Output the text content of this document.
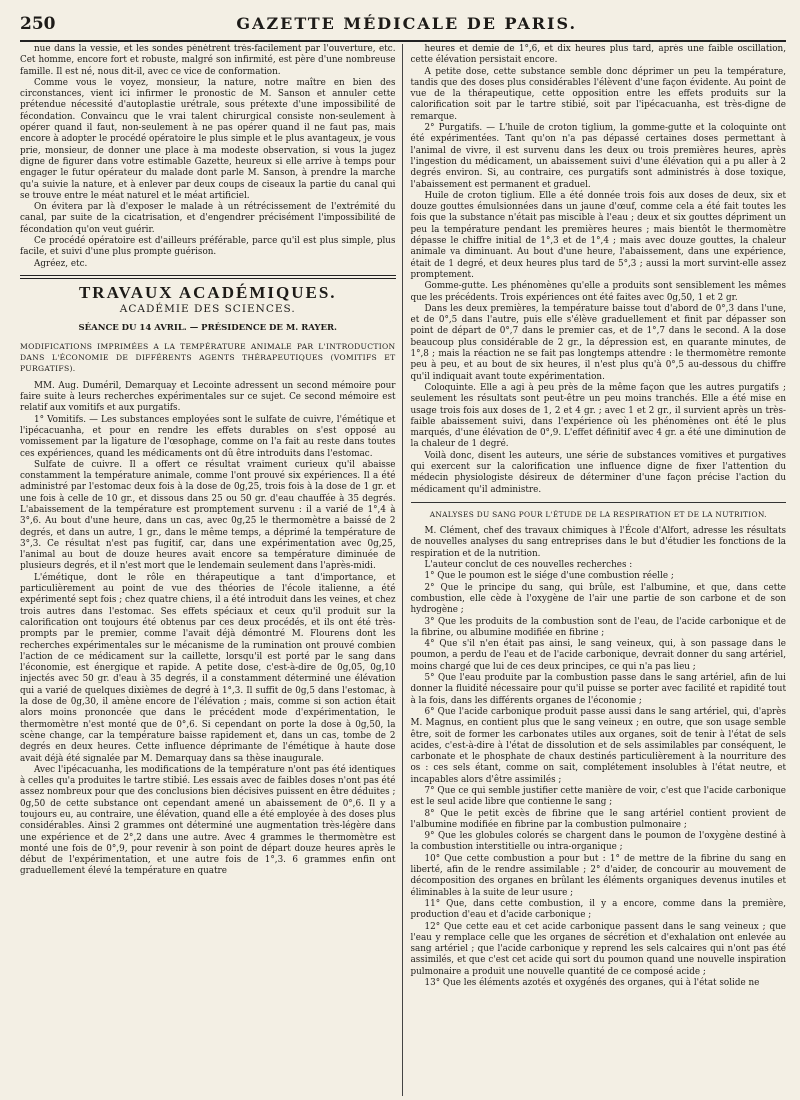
250	GAZETTE MÉDICALE DE PARIS.

nue dans la vessie, et les sondes pénètrent très-facilement par l'ouverture, etc. Cet homme, encore fort et robuste, malgré son infirmité, est père d'une nombreuse famille. Il est né, nous dit-il, avec ce vice de conformation.

Comme vous le voyez, monsieur, la nature, notre maître en bien des circonstances, vient ici infirmer le pronostic de M. Sanson et annuler cette prétendue nécessité d'autoplastie urétrale, sous prétexte d'une impossibilité de fécondation. Convaincu que le vrai talent chirurgical consiste non-seulement à opérer quand il faut, non-seulement à ne pas opérer quand il ne faut pas, mais encore à adopter le procédé opératoire le plus simple et le plus avantageux, je vous prie, monsieur, de donner une place à ma modeste observation, si vous la jugez digne de figurer dans votre estimable Gazette, heureux si elle arrive à temps pour engager le futur opérateur du malade dont parle M. Sanson, à prendre la marche qu'a suivie la nature, et à enlever par deux coups de ciseaux la partie du canal qui se trouve entre le méat naturel et le méat artificiel.

On évitera par là d'exposer le malade à un rétrécissement de l'extrémité du canal, par suite de la cicatrisation, et d'engendrer précisément l'impossibilité de fécondation qu'on veut guérir.

Ce procédé opératoire est d'ailleurs préférable, parce qu'il est plus simple, plus facile, et suivi d'une plus prompte guérison.

Agréez, etc.

TRAVAUX ACADÉMIQUES.
ACADÉMIE DES SCIENCES.
SÉANCE DU 14 AVRIL. — PRÉSIDENCE DE M. RAYER.

MODIFICATIONS IMPRIMÉES A LA TEMPÉRATURE ANIMALE PAR L'INTRODUCTION DANS L'ÉCONOMIE DE DIFFÉRENTS AGENTS THÉRAPEUTIQUES (VOMITIFS ET PURGATIFS).

MM. Aug. Duméril, Demarquay et Lecointe adressent un second mémoire pour faire suite à leurs recherches expérimentales sur ce sujet. Ce second mémoire est relatif aux vomitifs et aux purgatifs.

1° Vomitifs. — Les substances employées sont le sulfate de cuivre, l'émétique et l'ipécacuanha, et pour en rendre les effets durables on s'est opposé au vomissement par la ligature de l'œsophage, comme on l'a fait au reste dans toutes ces expériences, quand les médicaments ont dû être introduits dans l'estomac.

Sulfate de cuivre. Il a offert ce résultat vraiment curieux qu'il abaisse constamment la température animale, comme l'ont prouvé six expériences. Il a été administré par l'estomac deux fois à la dose de 0g,25, trois fois à la dose de 1 gr. et une fois à celle de 10 gr., et dissous dans 25 ou 50 gr. d'eau chauffée à 35 degrés. L'abaissement de la température est promptement survenu : il a varié de 1°,4 à 3°,6. Au bout d'une heure, dans un cas, avec 0g,25 le thermomètre a baissé de 2 degrés, et dans un autre, 1 gr., dans le même temps, a déprimé la température de 3°,3. Ce résultat n'est pas fugitif, car, dans une expérimentation avec 0g,25, l'animal au bout de douze heures avait encore sa température diminuée de plusieurs degrés, et il n'est mort que le lendemain seulement dans l'après-midi.

L'émétique, dont le rôle en thérapeutique a tant d'importance, et particulièrement au point de vue des théories de l'école italienne, a été expérimenté sept fois ; chez quatre chiens, il a été introduit dans les veines, et chez trois autres dans l'estomac. Ses effets spéciaux et ceux qu'il produit sur la calorification ont toujours été obtenus par ces deux procédés, et ils ont été très-prompts par le premier, comme l'avait déjà démontré M. Flourens dont les recherches expérimentales sur le mécanisme de la rumination ont prouvé combien l'action de ce médicament sur la caillette, lorsqu'il est porté par le sang dans l'économie, est énergique et rapide. A petite dose, c'est-à-dire de 0g,05, 0g,10 injectés avec 50 gr. d'eau à 35 degrés, il a constamment déterminé une élévation qui a varié de quelques dixièmes de degré à 1°,3. Il suffit de 0g,5 dans l'estomac, à la dose de 0g,30, il amène encore de l'élévation ; mais, comme si son action était alors moins prononcée que dans le précédent mode d'expérimentation, le thermomètre n'est monté que de 0°,6. Si cependant on porte la dose à 0g,50, la scène change, car la température baisse rapidement et, dans un cas, tombe de 2 degrés en deux heures. Cette influence déprimante de l'émétique à haute dose avait déjà été signalée par M. Demarquay dans sa thèse inaugurale.

Avec l'ipécacuanha, les modifications de la température n'ont pas été identiques à celles qu'a produites le tartre stibié. Les essais avec de faibles doses n'ont pas été assez nombreux pour que des conclusions bien décisives puissent en être déduites ; 0g,50 de cette substance ont cependant amené un abaissement de 0°,6. Il y a toujours eu, au contraire, une élévation, quand elle a été employée à des doses plus considérables. Ainsi 2 grammes ont déterminé une augmentation très-légère dans une expérience et de 2°,2 dans une autre. Avec 4 grammes le thermomètre est monté une fois de 0°,9, pour revenir à son point de départ douze heures après le début de l'expérimentation, et une autre fois de 1°,3. 6 grammes enfin ont graduellement élevé la température en quatre

heures et demie de 1°,6, et dix heures plus tard, après une faible oscillation, cette élévation persistait encore.

A petite dose, cette substance semble donc déprimer un peu la température, tandis que des doses plus considérables l'élèvent d'une façon évidente. Au point de vue de la thérapeutique, cette opposition entre les effets produits sur la calorification soit par le tartre stibié, soit par l'ipécacuanha, est très-digne de remarque.

2° Purgatifs. — L'huile de croton tiglium, la gomme-gutte et la coloquinte ont été expérimentées. Tant qu'on n'a pas dépassé certaines doses permettant à l'animal de vivre, il est survenu dans les deux ou trois premières heures, après l'ingestion du médicament, un abaissement suivi d'une élévation qui a pu aller à 2 degrés environ. Si, au contraire, ces purgatifs sont administrés à dose toxique, l'abaissement est permanent et graduel.

Huile de croton tiglium. Elle a été donnée trois fois aux doses de deux, six et douze gouttes émulsionnées dans un jaune d'œuf, comme cela a été fait toutes les fois que la substance n'était pas miscible à l'eau ; deux et six gouttes dépriment un peu la température pendant les premières heures ; mais bientôt le thermomètre dépasse le chiffre initial de 1°,3 et de 1°,4 ; mais avec douze gouttes, la chaleur animale va diminuant. Au bout d'une heure, l'abaissement, dans une expérience, était de 1 degré, et deux heures plus tard de 5°,3 ; aussi la mort survint-elle assez promptement.

Gomme-gutte. Les phénomènes qu'elle a produits sont sensiblement les mêmes que les précédents. Trois expériences ont été faites avec 0g,50, 1 et 2 gr.

Dans les deux premières, la température baisse tout d'abord de 0°,3 dans l'une, et de 0°,5 dans l'autre, puis elle s'élève graduellement et finit par dépasser son point de départ de 0°,7 dans le premier cas, et de 1°,7 dans le second. A la dose beaucoup plus considérable de 2 gr., la dépression est, en quarante minutes, de 1°,8 ; mais la réaction ne se fait pas longtemps attendre : le thermomètre remonte peu à peu, et au bout de six heures, il n'est plus qu'à 0°,5 au-dessous du chiffre qu'il indiquait avant toute expérimentation.

Coloquinte. Elle a agi à peu près de la même façon que les autres purgatifs ; seulement les résultats sont peut-être un peu moins tranchés. Elle a été mise en usage trois fois aux doses de 1, 2 et 4 gr. ; avec 1 et 2 gr., il survient après un très-faible abaissement suivi, dans l'expérience où les phénomènes ont été le plus marqués, d'une élévation de 0°,9. L'effet définitif avec 4 gr. a été une diminution de la chaleur de 1 degré.

Voilà donc, disent les auteurs, une série de substances vomitives et purgatives qui exercent sur la calorification une influence digne de fixer l'attention du médecin physiologiste désireux de déterminer d'une façon précise l'action du médicament qu'il administre.

ANALYSES DU SANG POUR L'ÉTUDE DE LA RESPIRATION ET DE LA NUTRITION.

M. Clément, chef des travaux chimiques à l'École d'Alfort, adresse les résultats de nouvelles analyses du sang entreprises dans le but d'étudier les fonctions de la respiration et de la nutrition.

L'auteur conclut de ces nouvelles recherches :

1° Que le poumon est le siége d'une combustion réelle ;

2° Que le principe du sang, qui brûle, est l'albumine, et que, dans cette combustion, elle cède à l'oxygène de l'air une partie de son carbone et de son hydrogène ;

3° Que les produits de la combustion sont de l'eau, de l'acide carbonique et de la fibrine, ou albumine modifiée en fibrine ;

4° Que s'il n'en était pas ainsi, le sang veineux, qui, à son passage dans le poumon, a perdu de l'eau et de l'acide carbonique, devrait donner du sang artériel, moins chargé que lui de ces deux principes, ce qui n'a pas lieu ;

5° Que l'eau produite par la combustion passe dans le sang artériel, afin de lui donner la fluidité nécessaire pour qu'il puisse se porter avec facilité et rapidité tout à la fois, dans les différents organes de l'économie ;

6° Que l'acide carbonique produit passe aussi dans le sang artériel, qui, d'après M. Magnus, en contient plus que le sang veineux ; en outre, que son usage semble être, soit de former les carbonates utiles aux organes, soit de tenir à l'état de sels acides, c'est-à-dire à l'état de dissolution et de sels assimilables par conséquent, le carbonate et le phosphate de chaux destinés particulièrement à la nourriture des os : ces sels étant, comme on sait, complétement insolubles à l'état neutre, et incapables alors d'être assimilés ;

7° Que ce qui semble justifier cette manière de voir, c'est que l'acide carbonique est le seul acide libre que contienne le sang ;

8° Que le petit excès de fibrine que le sang artériel contient provient de l'albumine modifiée en fibrine par la combustion pulmonaire ;

9° Que les globules colorés se chargent dans le poumon de l'oxygène destiné à la combustion interstitielle ou intra-organique ;

10° Que cette combustion a pour but : 1° de mettre de la fibrine du sang en liberté, afin de le rendre assimilable ; 2° d'aider, de concourir au mouvement de décomposition des organes en brûlant les éléments organiques devenus inutiles et éliminables à la suite de leur usure ;

11° Que, dans cette combustion, il y a encore, comme dans la première, production d'eau et d'acide carbonique ;

12° Que cette eau et cet acide carbonique passent dans le sang veineux ; que l'eau y remplace celle que les organes de sécrétion et d'exhalation ont enlevée au sang artériel ; que l'acide carbonique y reprend les sels calcaires qui n'ont pas été assimilés, et que c'est cet acide qui sort du poumon quand une nouvelle inspiration pulmonaire a produit une nouvelle quantité de ce composé acide ;

13° Que les éléments azotés et oxygénés des organes, qui à l'état solide ne
